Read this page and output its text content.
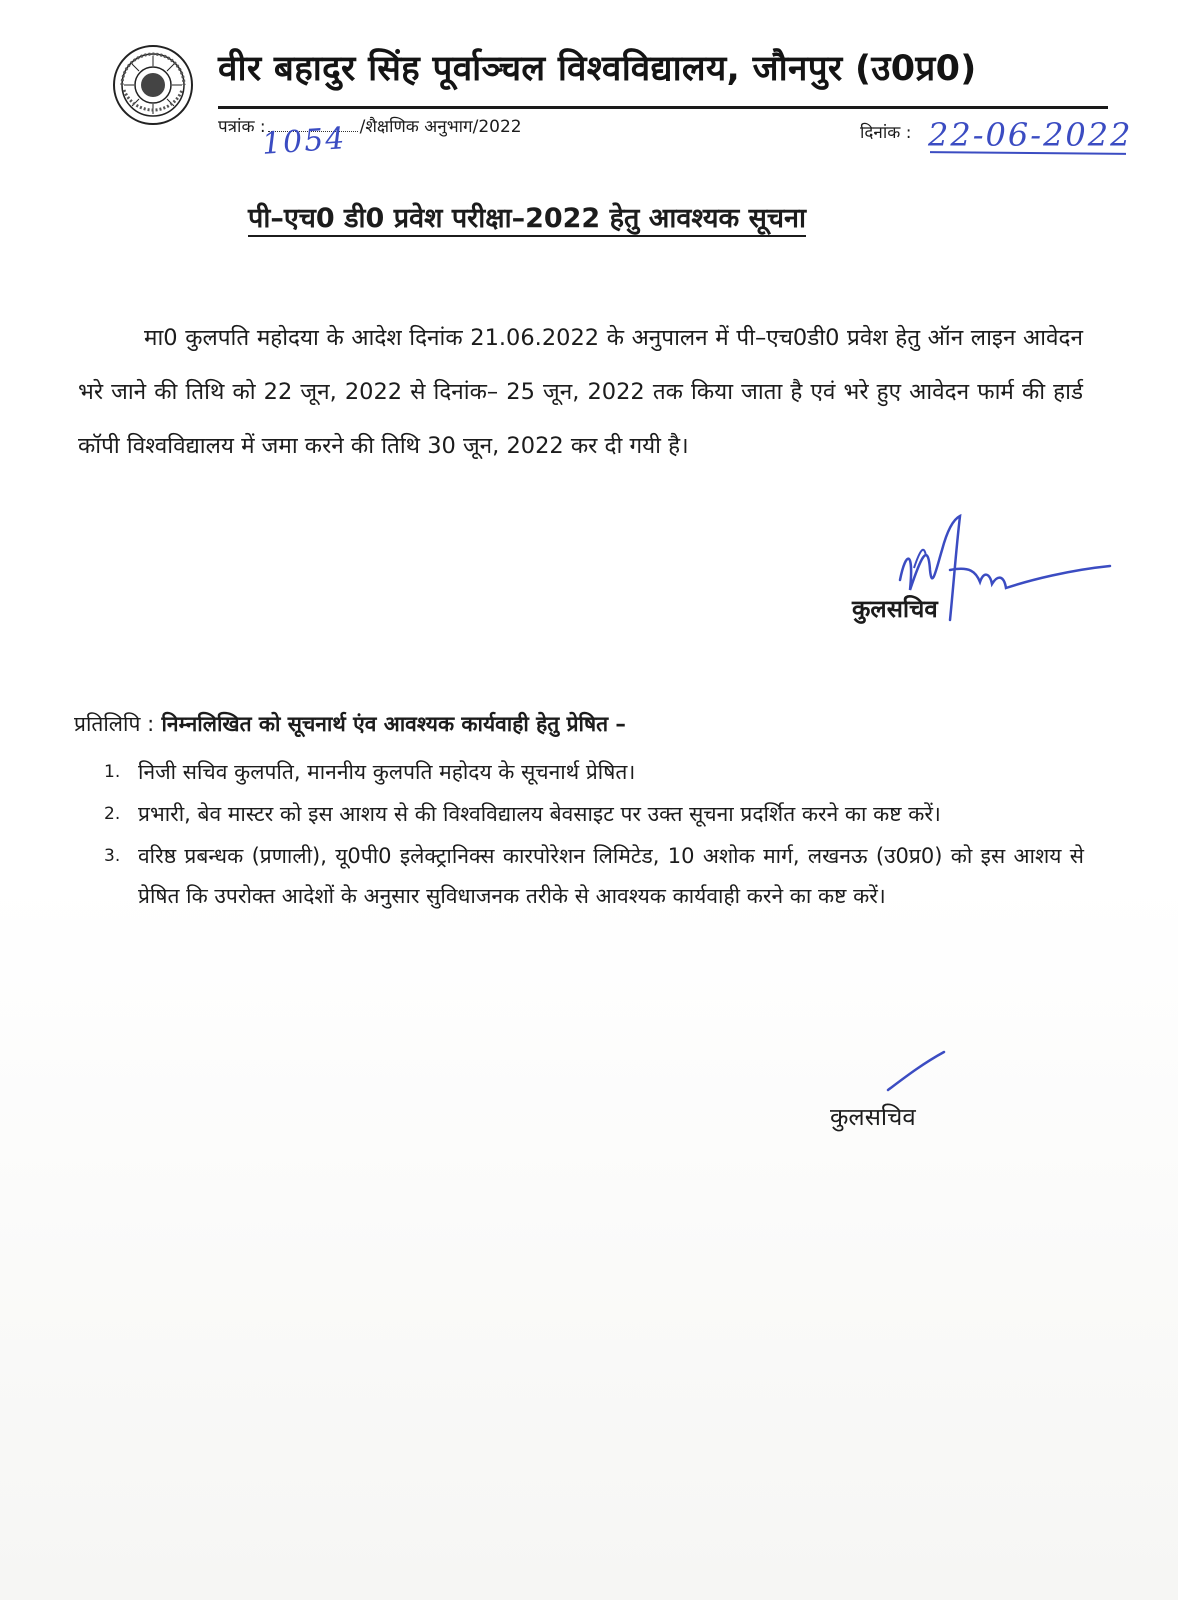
वीर बहादुर सिंह पूर्वाञ्चल विश्वविद्यालय, जौनपुर (उ0प्र0)
पत्रांक :	/शैक्षणिक अनुभाग/2022
1054	दिनांक : 22-06-2022
पी–एच0 डी0 प्रवेश परीक्षा–2022 हेतु आवश्यक सूचना

मा0 कुलपति महोदया के आदेश दिनांक 21.06.2022 के अनुपालन में पी–एच0डी0 प्रवेश हेतु ऑन लाइन आवेदन भरे जाने की तिथि को 22 जून, 2022 से दिनांक– 25 जून, 2022 तक किया जाता है एवं भरे हुए आवेदन फार्म की हार्ड कॉपी विश्वविद्यालय में जमा करने की तिथि 30 जून, 2022 कर दी गयी है।

कुलसचिव
प्रतिलिपि : निम्नलिखित को सूचनार्थ एंव आवश्यक कार्यवाही हेतु प्रेषित –
1. निजी सचिव कुलपति, माननीय कुलपति महोदय के सूचनार्थ प्रेषित।
2. प्रभारी, बेव मास्टर को इस आशय से की विश्वविद्यालय बेवसाइट पर उक्त सूचना प्रदर्शित करने का कष्ट करें।
3. वरिष्ठ प्रबन्धक (प्रणाली), यू0पी0 इलेक्ट्रानिक्स कारपोरेशन लिमिटेड, 10 अशोक मार्ग, लखनऊ (उ0प्र0) को इस आशय से प्रेषित कि उपरोक्त आदेशों के अनुसार सुविधाजनक तरीके से आवश्यक कार्यवाही करने का कष्ट करें।
कुलसचिव
